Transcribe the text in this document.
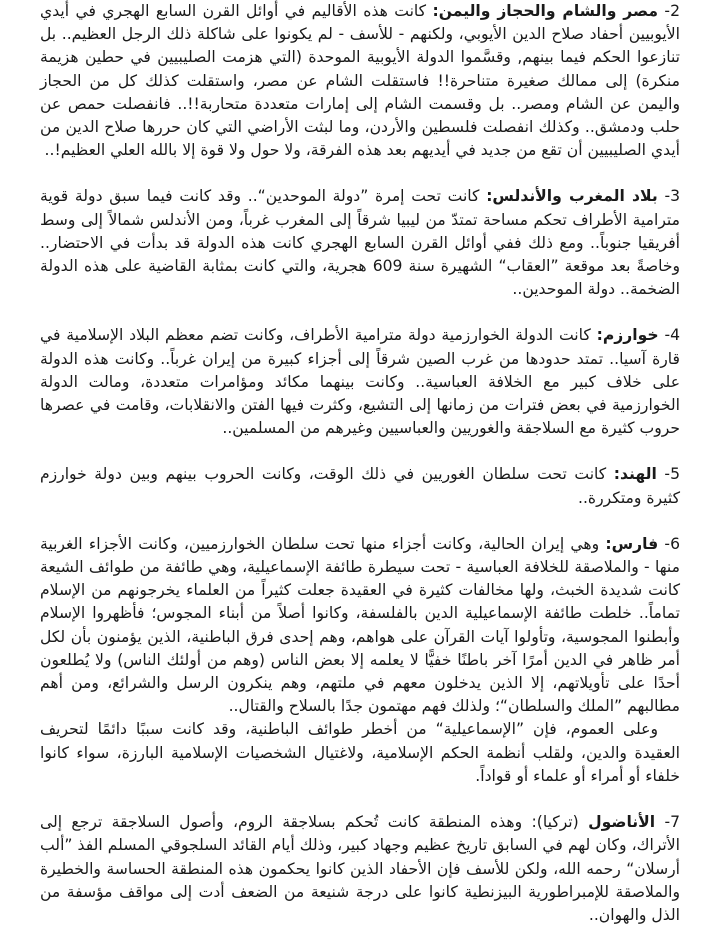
2- مصر والشام والحجاز واليمن: كانت هذه الأقاليم في أوائل القرن السابع الهجري في أيدي الأيوبيين أحفاد صلاح الدين الأيوبي، ولكنهم - للأسف - لم يكونوا على شاكلة ذلك الرجل العظيم.. بل تنازعوا الحكم فيما بينهم, وقسَّموا الدولة الأيوبية الموحدة (التي هزمت الصليبيين في حطين هزيمة منكرة) إلى ممالك صغيرة متناحرة!! فاستقلت الشام عن مصر، واستقلت كذلك كل من الحجاز واليمن عن الشام ومصر.. بل وقسمت الشام إلى إمارات متعددة متحاربة!!.. فانفصلت حمص عن حلب ودمشق.. وكذلك انفصلت فلسطين والأردن، وما لبثت الأراضي التي كان حررها صلاح الدين من أيدي الصليبيين أن تقع من جديد في أيديهم بعد هذه الفرقة، ولا حول ولا قوة إلا بالله العلي العظيم!..

3- بلاد المغرب والأندلس: كانت تحت إمرة ”دولة الموحدين“.. وقد كانت فيما سبق دولة قوية مترامية الأطراف تحكم مساحة تمتدّ من ليبيا شرقاً إلى المغرب غرباً، ومن الأندلس شمالاً إلى وسط أفريقيا جنوباً.. ومع ذلك ففي أوائل القرن السابع الهجري كانت هذه الدولة قد بدأت في الاحتضار.. وخاصةً بعد موقعة ”العقاب“ الشهيرة سنة 609 هجرية، والتي كانت بمثابة القاضية على هذه الدولة الضخمة.. دولة الموحدين..

4- خوارزم: كانت الدولة الخوارزمية دولة مترامية الأطراف، وكانت تضم معظم البلاد الإسلامية في قارة آسيا.. تمتد حدودها من غرب الصين شرقاً إلى أجزاء كبيرة من إيران غرباً.. وكانت هذه الدولة على خلاف كبير مع الخلافة العباسية.. وكانت بينهما مكائد ومؤامرات متعددة، ومالت الدولة الخوارزمية في بعض فترات من زمانها إلى التشيع، وكثرت فيها الفتن والانقلابات، وقامت في عصرها حروب كثيرة مع السلاجقة والغوريين والعباسيين وغيرهم من المسلمين..

5- الهند: كانت تحت سلطان الغوريين في ذلك الوقت، وكانت الحروب بينهم وبين دولة خوارزم كثيرة ومتكررة..

6- فارس: وهي إيران الحالية، وكانت أجزاء منها تحت سلطان الخوارزميين، وكانت الأجزاء الغربية منها - والملاصقة للخلافة العباسية - تحت سيطرة طائفة الإسماعيلية، وهي طائفة من طوائف الشيعة كانت شديدة الخبث، ولها مخالفات كثيرة في العقيدة جعلت كثيراً من العلماء يخرجونهم من الإسلام تماماً.. خلطت طائفة الإسماعيلية الدين بالفلسفة، وكانوا أصلاً من أبناء المجوس؛ فأظهروا الإسلام وأبطنوا المجوسية، وتأولوا آيات القرآن على هواهم، وهم إحدى فرق الباطنية، الذين يؤمنون بأن لكل أمر ظاهر في الدين أمرًا آخر باطنًا خفيًّا لا يعلمه إلا بعض الناس (وهم من أولئك الناس) ولا يُطلعون أحدًا على تأويلاتهم، إلا الذين يدخلون معهم في ملتهم، وهم ينكرون الرسل والشرائع، ومن أهم مطالبهم ”الملك والسلطان“؛ ولذلك فهم مهتمون جدًا بالسلاح والقتال..

وعلى العموم، فإن ”الإسماعيلية“ من أخطر طوائف الباطنية، وقد كانت سببًا دائمًا لتحريف العقيدة والدين، ولقلب أنظمة الحكم الإسلامية، ولاغتيال الشخصيات الإسلامية البارزة، سواء كانوا خلفاء أو أمراء أو علماء أو قواداً.

7- الأناضول (تركيا): وهذه المنطقة كانت تُحكم بسلاجقة الروم، وأصول السلاجقة ترجع إلى الأتراك، وكان لهم في السابق تاريخ عظيم وجهاد كبير، وذلك أيام القائد السلجوقي المسلم الفذ ”ألب أرسلان“ رحمه الله، ولكن للأسف فإن الأحفاد الذين كانوا يحكمون هذه المنطقة الحساسة والخطيرة والملاصقة للإمبراطورية البيزنطية كانوا على درجة شنيعة من الضعف أدت إلى مواقف مؤسفة من الذل والهوان..
